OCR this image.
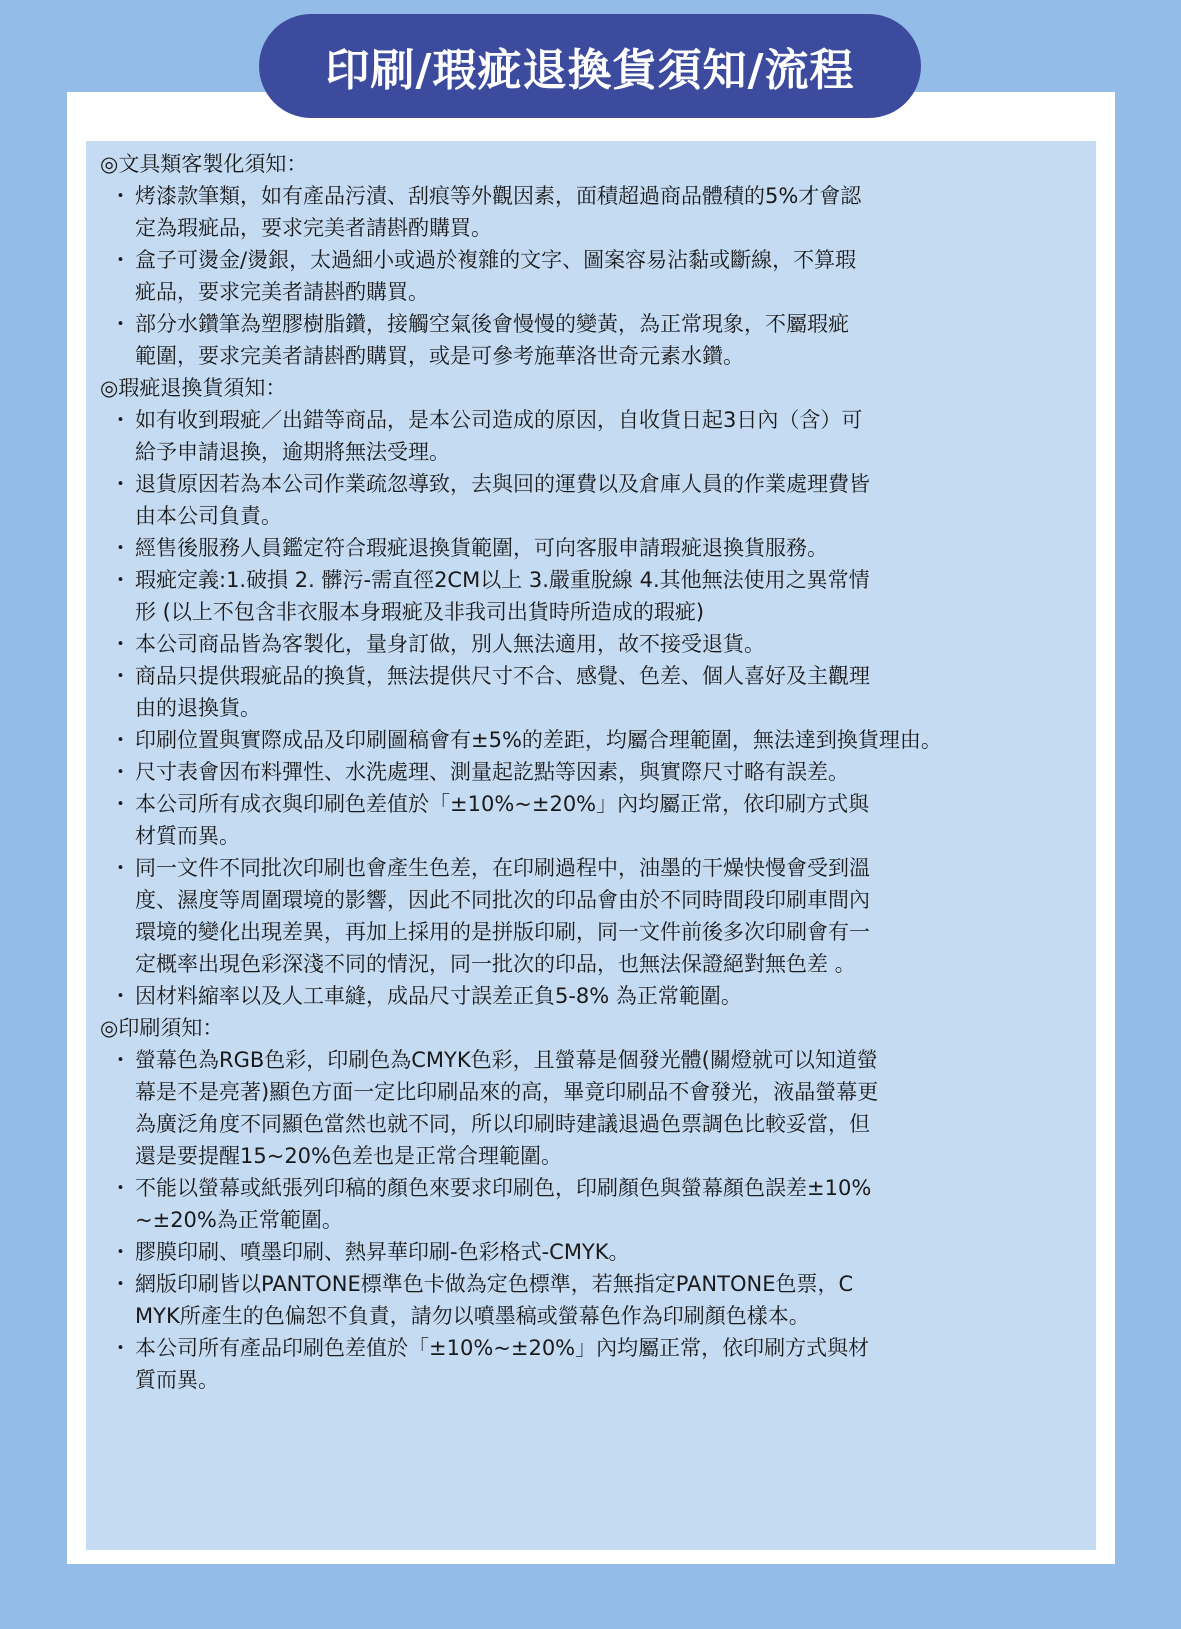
印刷/瑕疵退換貨須知/流程
◎文具類客製化須知：
・ 烤漆款筆類，如有產品污漬、刮痕等外觀因素，面積超過商品體積的5%才會認
定為瑕疵品，要求完美者請斟酌購買。
・ 盒子可燙金/燙銀，太過細小或過於複雜的文字、圖案容易沾黏或斷線，不算瑕
疵品，要求完美者請斟酌購買。
・ 部分水鑽筆為塑膠樹脂鑽，接觸空氣後會慢慢的變黃，為正常現象，不屬瑕疵
範圍，要求完美者請斟酌購買，或是可參考施華洛世奇元素水鑽。
◎瑕疵退換貨須知：
・ 如有收到瑕疵／出錯等商品，是本公司造成的原因，自收貨日起3日內（含）可
給予申請退換，逾期將無法受理。
・ 退貨原因若為本公司作業疏忽導致，去與回的運費以及倉庫人員的作業處理費皆
由本公司負責。
・ 經售後服務人員鑑定符合瑕疵退換貨範圍，可向客服申請瑕疵退換貨服務。
・ 瑕疵定義:1.破損 2. 髒污-需直徑2CM以上 3.嚴重脫線 4.其他無法使用之異常情
形 (以上不包含非衣服本身瑕疵及非我司出貨時所造成的瑕疵)
・ 本公司商品皆為客製化，量身訂做，別人無法適用，故不接受退貨。
・ 商品只提供瑕疵品的換貨，無法提供尺寸不合、感覺、色差、個人喜好及主觀理
由的退換貨。
・ 印刷位置與實際成品及印刷圖稿會有±5%的差距，均屬合理範圍，無法達到換貨理由。
・ 尺寸表會因布料彈性、水洗處理、測量起訖點等因素，與實際尺寸略有誤差。
・ 本公司所有成衣與印刷色差值於「±10%~±20%」內均屬正常，依印刷方式與
材質而異。
・ 同一文件不同批次印刷也會產生色差，在印刷過程中，油墨的干燥快慢會受到溫
度、濕度等周圍環境的影響，因此不同批次的印品會由於不同時間段印刷車間內
環境的變化出現差異，再加上採用的是拼版印刷，同一文件前後多次印刷會有一
定概率出現色彩深淺不同的情況，同一批次的印品，也無法保證絕對無色差 。
・ 因材料縮率以及人工車縫，成品尺寸誤差正負5-8% 為正常範圍。
◎印刷須知：
・ 螢幕色為RGB色彩，印刷色為CMYK色彩，且螢幕是個發光體(關燈就可以知道螢
幕是不是亮著)顯色方面一定比印刷品來的高，畢竟印刷品不會發光，液晶螢幕更
為廣泛角度不同顯色當然也就不同，所以印刷時建議退過色票調色比較妥當，但
還是要提醒15~20%色差也是正常合理範圍。
・ 不能以螢幕或紙張列印稿的顏色來要求印刷色，印刷顏色與螢幕顏色誤差±10%
~±20%為正常範圍。
・ 膠膜印刷、噴墨印刷、熱昇華印刷-色彩格式-CMYK。
・ 網版印刷皆以PANTONE標準色卡做為定色標準，若無指定PANTONE色票，C
MYK所產生的色偏恕不負責，請勿以噴墨稿或螢幕色作為印刷顏色樣本。
・ 本公司所有產品印刷色差值於「±10%~±20%」內均屬正常，依印刷方式與材
質而異。
